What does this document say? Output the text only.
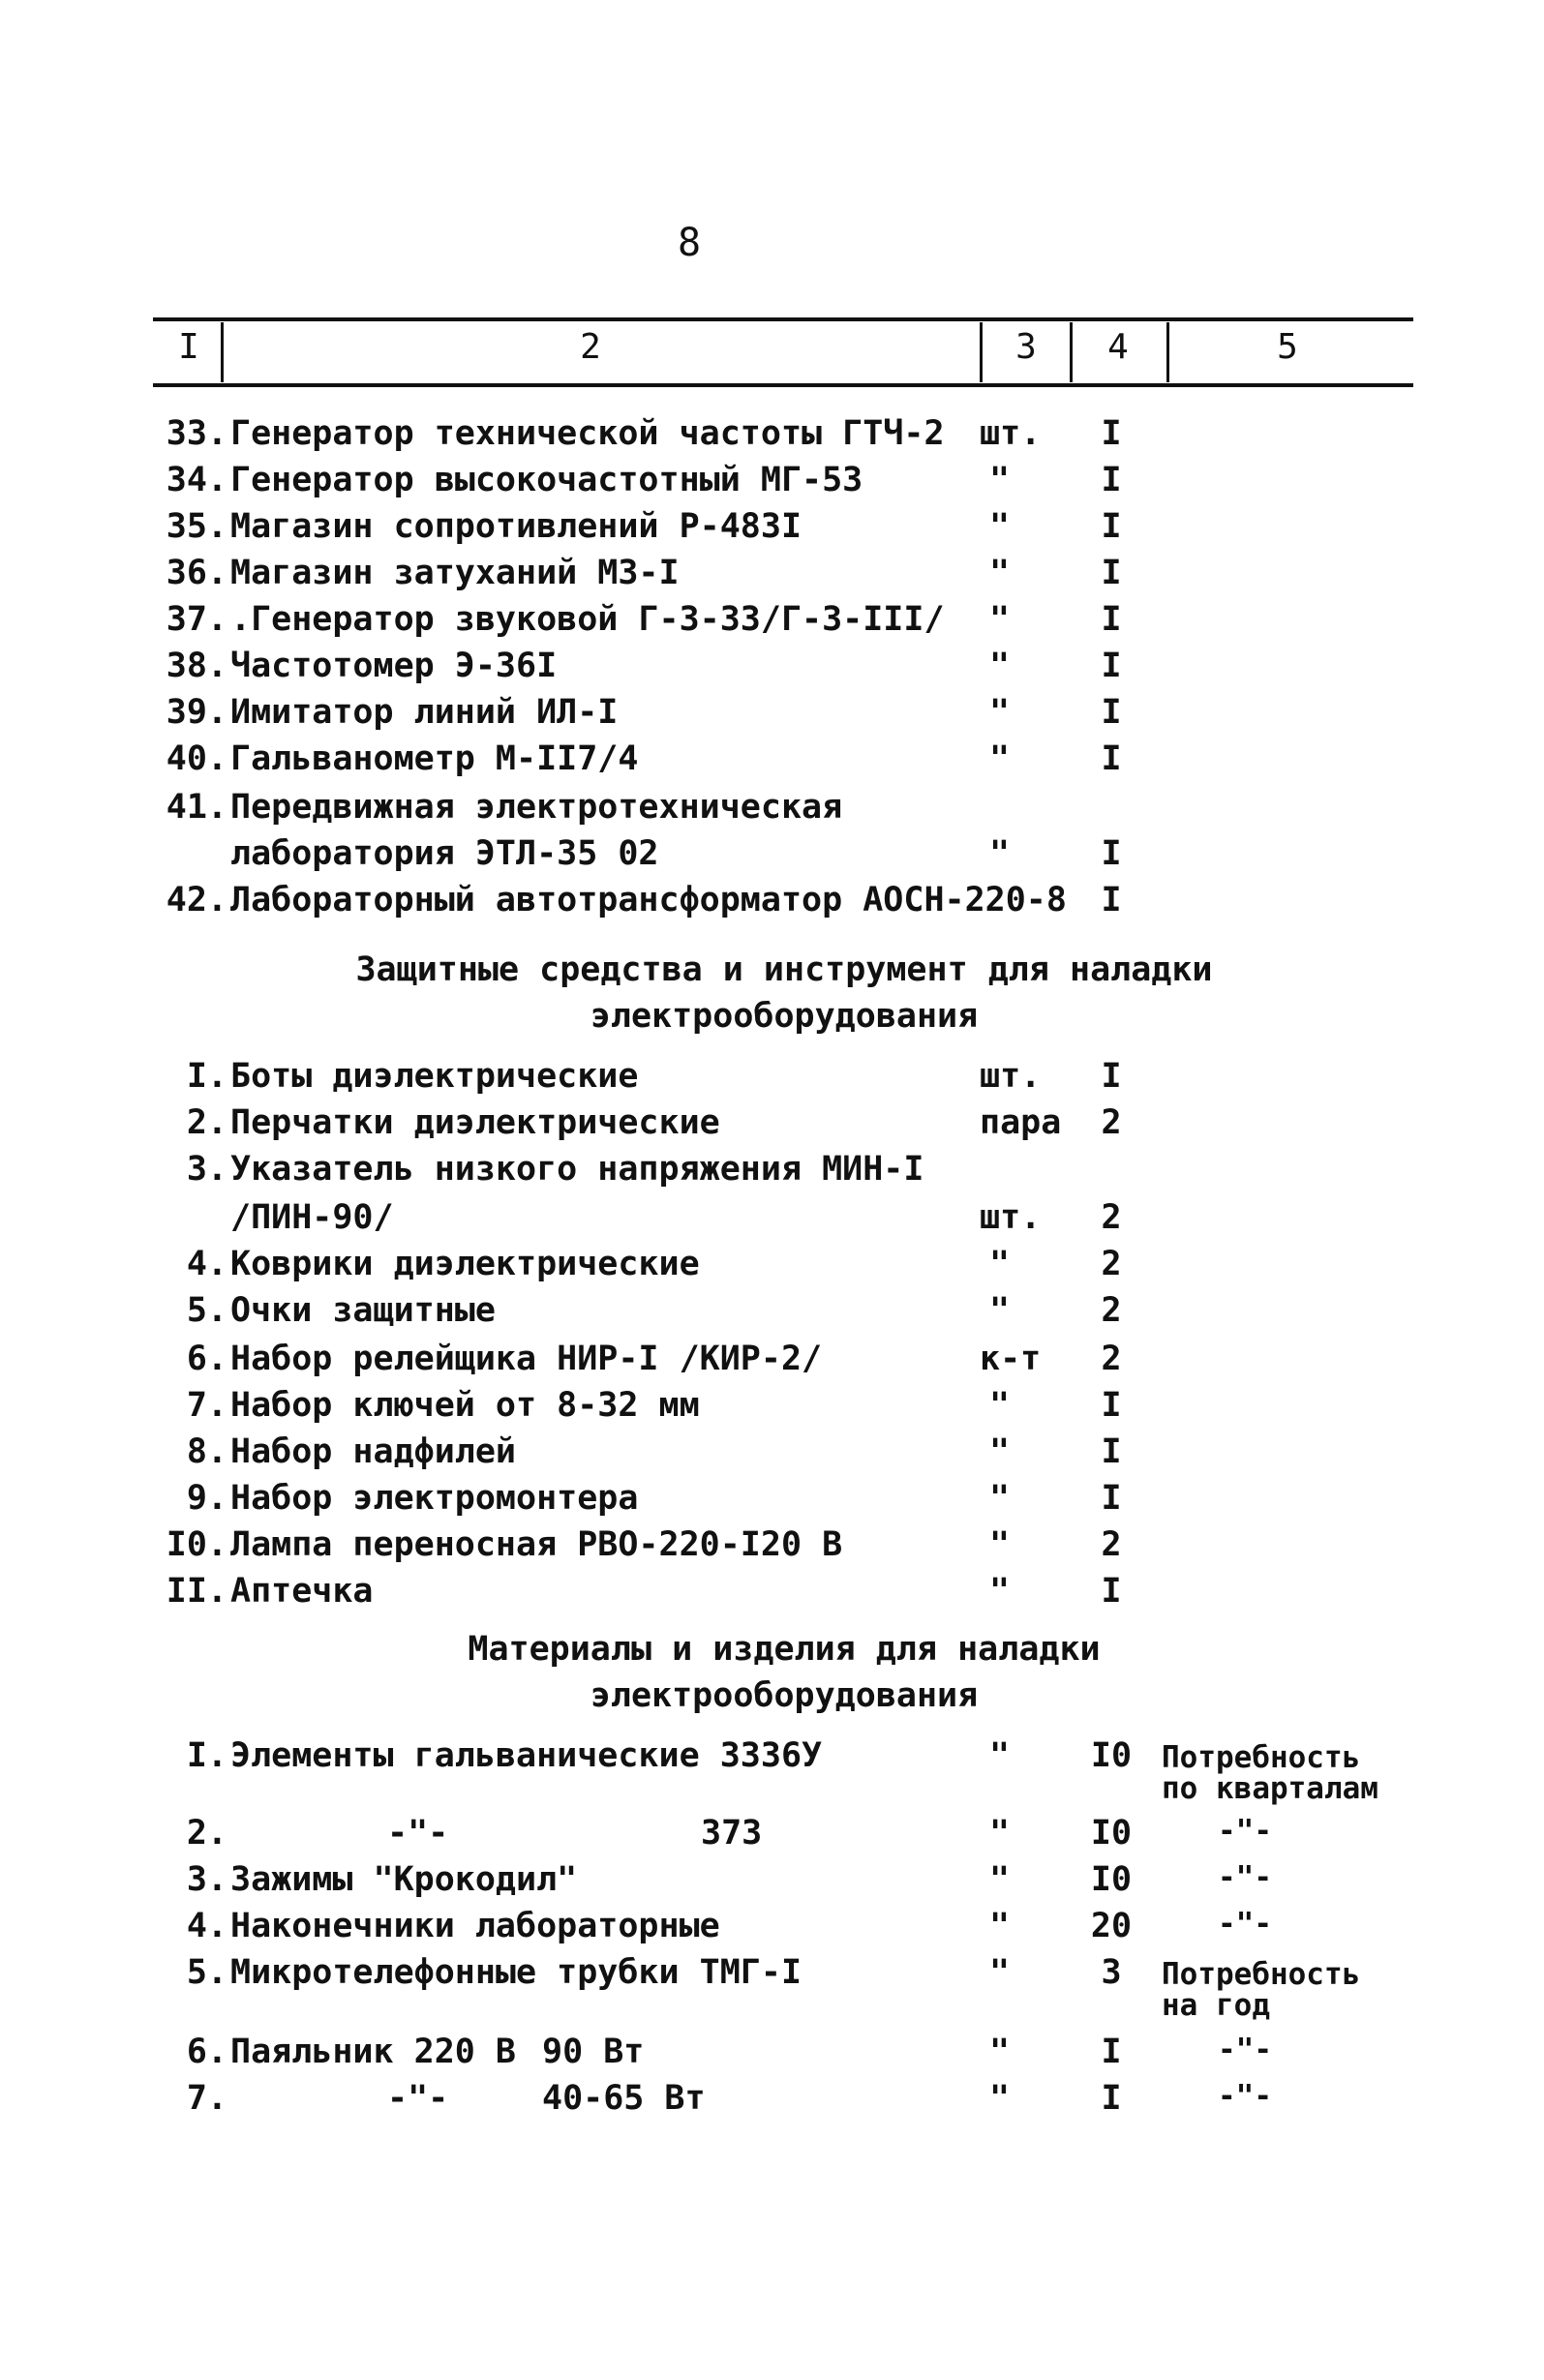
8
I	2	3	4	5
33. Генератор технической частоты ГТЧ-2 шт.	I
34. Генератор высокочастотный МГ-53	"	I
35. Магазин сопротивлений Р-483I	"	I
36. Магазин затуханий МЗ-I	"	I
37. .Генератор звуковой Г-3-33/Г-3-III/ "	I
38. Частотомер Э-36I	"	I
39. Имитатор линий ИЛ-I	"	I
40. Гальванометр М-II7/4	"	I
41. Передвижная электротехническая
лаборатория ЭТЛ-35 02	"	I
42. Лабораторный автотрансформатор АОСН-220-8	I
Защитные средства и инструмент для наладки
электрооборудования
I. Боты диэлектрические	шт.	I
2. Перчатки диэлектрические	пара	2
3. Указатель низкого напряжения МИН-I
/ПИН-90/	шт.	2
4. Коврики диэлектрические	"	2
5. Очки защитные	"	2
6. Набор релейщика НИР-I /КИР-2/	к-т	2
7. Набор ключей от 8-32 мм	"	I
8. Набор надфилей	"	I
9. Набор электромонтера	"	I
I0. Лампа переносная РВО-220-I20 В	"	2
II. Аптечка	"	I
Материалы и изделия для наладки
электрооборудования
I. Элементы гальванические 3336У	" I0 Потребность
по кварталам
2.	-"-	373	" I0	-"-
3. Зажимы "Крокодил"	" I0	-"-
4. Наконечники лабораторные	" 20	-"-
5. Микротелефонные трубки ТМГ-I	"	3	Потребность
на год
6. Паяльник 220 В 90 Вт	"	I	-"-
7.	-"-	40-65 Вт	"	I	-"-
